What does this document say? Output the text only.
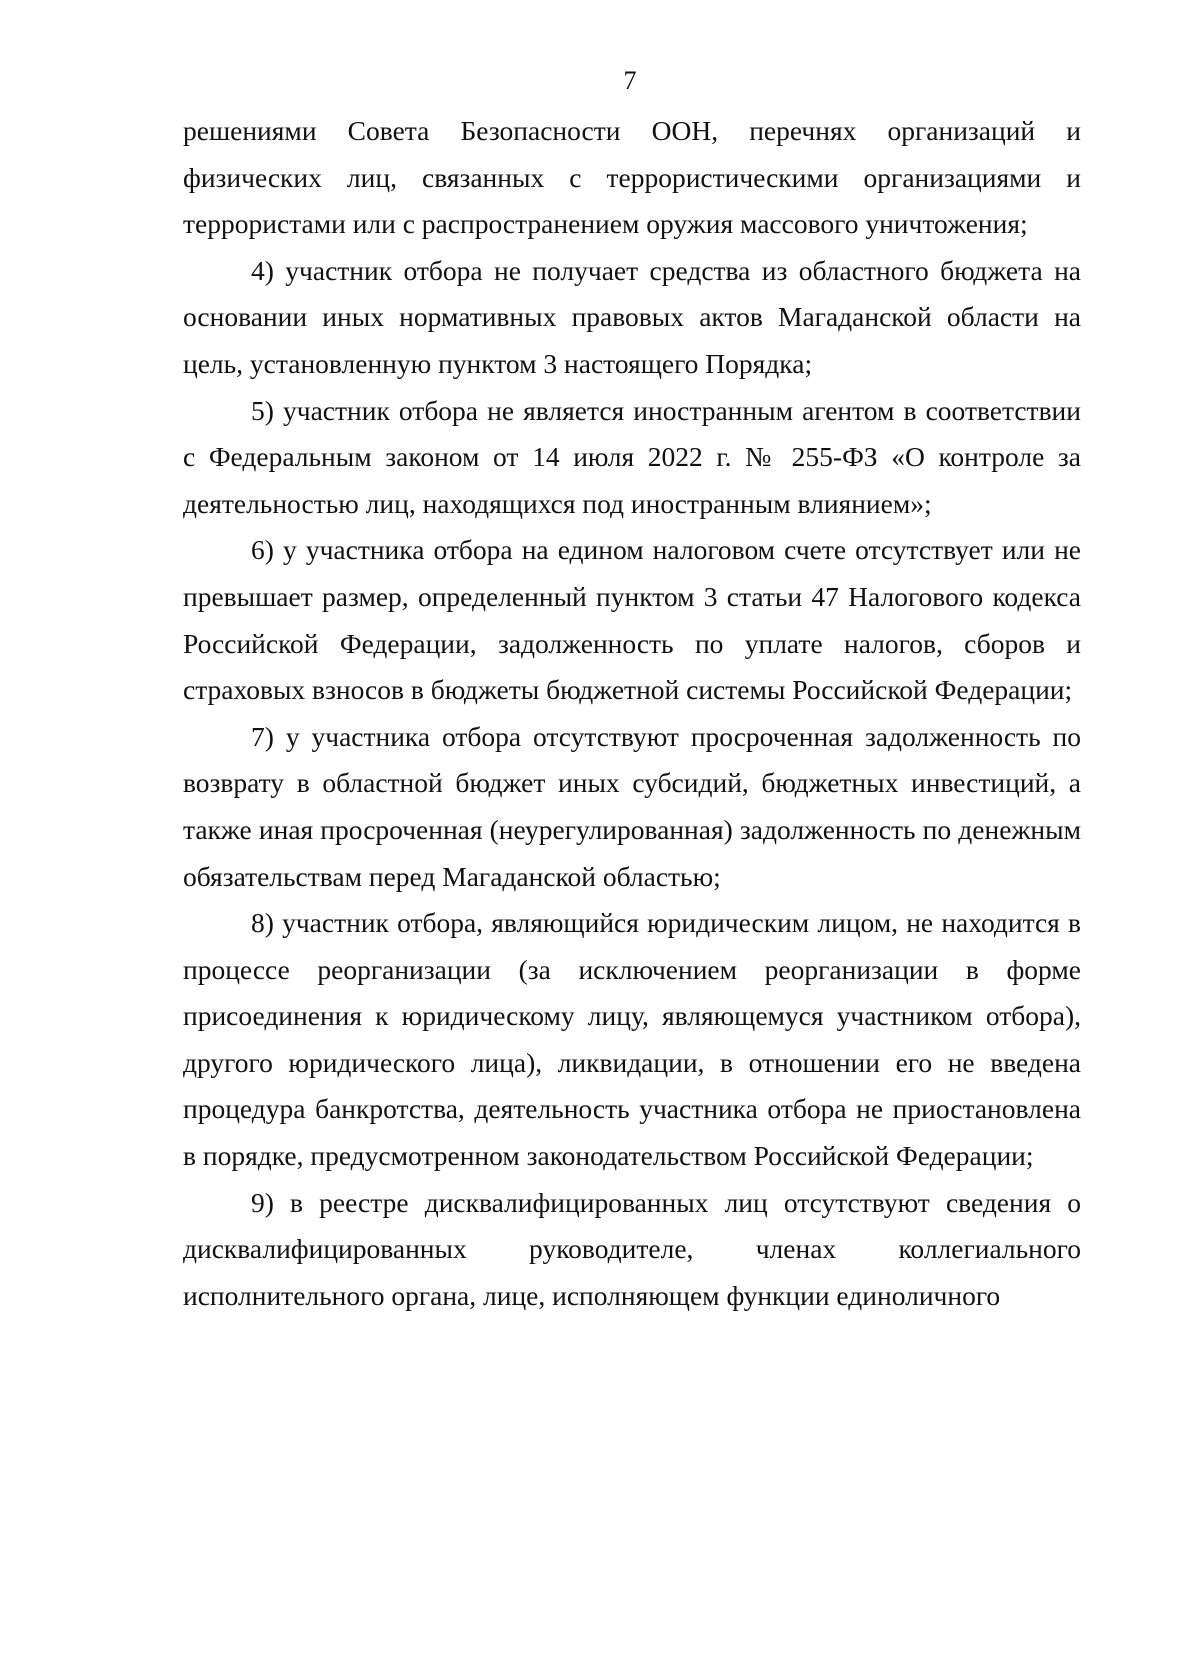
7

решениями Совета Безопасности ООН, перечнях организаций и физических лиц, связанных с террористическими организациями и террористами или с распространением оружия массового уничтожения;

4) участник отбора не получает средства из областного бюджета на основании иных нормативных правовых актов Магаданской области на цель, установленную пунктом 3 настоящего Порядка;

5) участник отбора не является иностранным агентом в соответствии с Федеральным законом от 14 июля 2022 г. № 255-ФЗ «О контроле за деятельностью лиц, находящихся под иностранным влиянием»;

6) у участника отбора на едином налоговом счете отсутствует или не превышает размер, определенный пунктом 3 статьи 47 Налогового кодекса Российской Федерации, задолженность по уплате налогов, сборов и страховых взносов в бюджеты бюджетной системы Российской Федерации;

7) у участника отбора отсутствуют просроченная задолженность по возврату в областной бюджет иных субсидий, бюджетных инвестиций, а также иная просроченная (неурегулированная) задолженность по денежным обязательствам перед Магаданской областью;

8) участник отбора, являющийся юридическим лицом, не находится в процессе реорганизации (за исключением реорганизации в форме присоединения к юридическому лицу, являющемуся участником отбора), другого юридического лица), ликвидации, в отношении его не введена процедура банкротства, деятельность участника отбора не приостановлена в порядке, предусмотренном законодательством Российской Федерации;

9) в реестре дисквалифицированных лиц отсутствуют сведения о дисквалифицированных руководителе, членах коллегиального исполнительного органа, лице, исполняющем функции единоличного
